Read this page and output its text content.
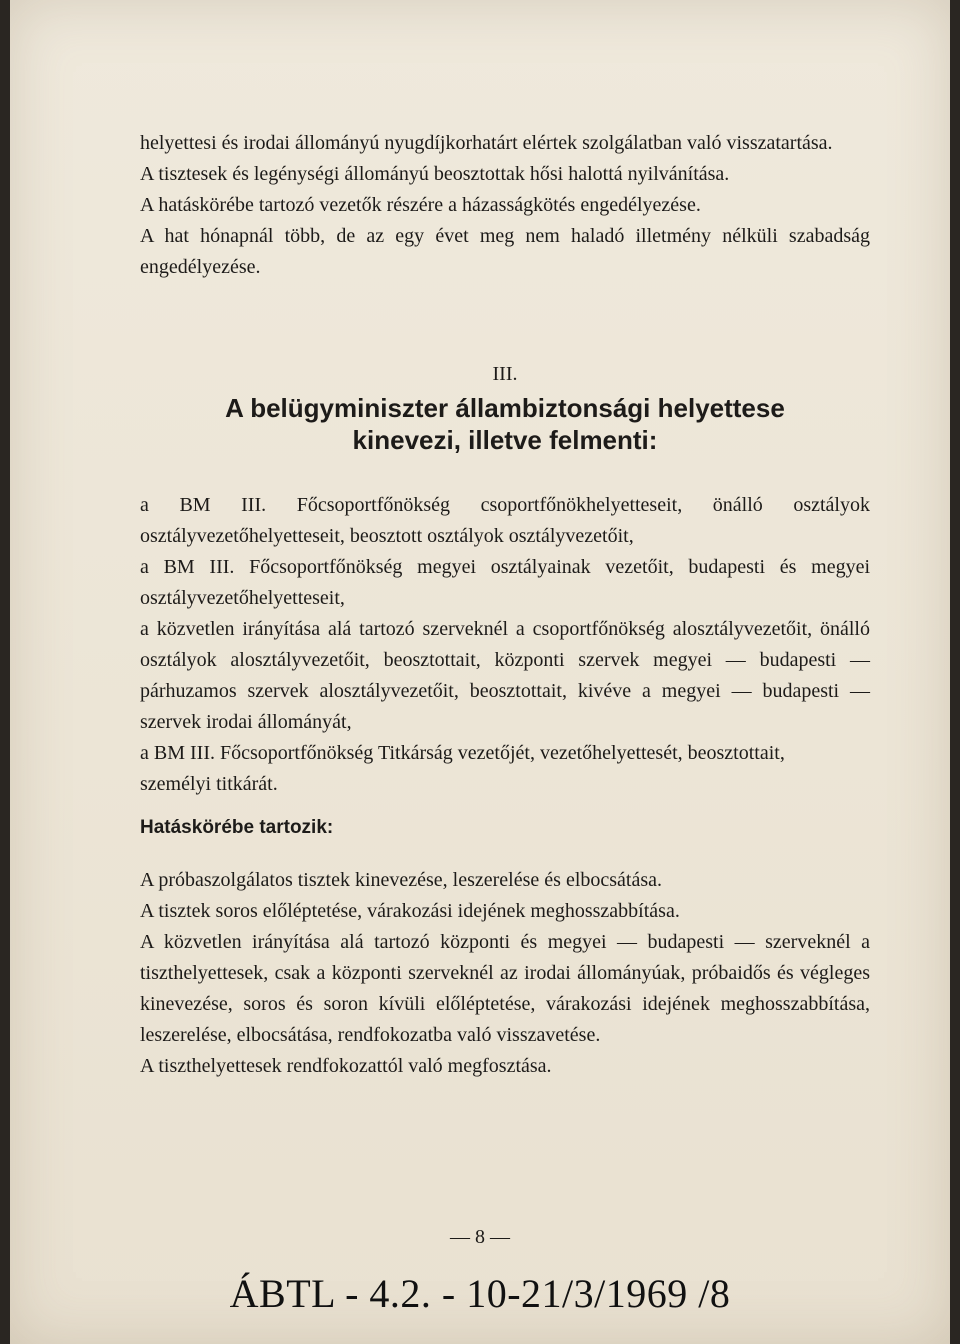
helyettesi és irodai állományú nyugdíjkorhatárt elértek szolgálatban való visszatartása.

A tisztesek és legénységi állományú beosztottak hősi halottá nyilvánítása.

A hatáskörébe tartozó vezetők részére a házasságkötés engedélyezése.

A hat hónapnál több, de az egy évet meg nem haladó illetmény nélküli szabadság engedélyezése.

III.
A belügyminiszter állambiztonsági helyettese
kinevezi, illetve felmenti:

a BM III. Főcsoportfőnökség csoportfőnökhelyetteseit, önálló osztályok osztályvezetőhelyetteseit, beosztott osztályok osztályvezetőit,

a BM III. Főcsoportfőnökség megyei osztályainak vezetőit, budapesti és megyei osztályvezetőhelyetteseit,

a közvetlen irányítása alá tartozó szerveknél a csoportfőnökség alosztályvezetőit, önálló osztályok alosztályvezetőit, beosztottait, központi szervek megyei — budapesti — párhuzamos szervek alosztályvezetőit, beosztottait, kivéve a megyei — budapesti — szervek irodai állományát,

a BM III. Főcsoportfőnökség Titkárság vezetőjét, vezetőhelyettesét, beosztottait,

személyi titkárát.

Hatáskörébe tartozik:

A próbaszolgálatos tisztek kinevezése, leszerelése és elbocsátása.

A tisztek soros előléptetése, várakozási idejének meghosszabbítása.

A közvetlen irányítása alá tartozó központi és megyei — budapesti — szerveknél a tiszthelyettesek, csak a központi szerveknél az irodai állományúak, próbaidős és végleges kinevezése, soros és soron kívüli előléptetése, várakozási idejének meghosszabbítása, leszerelése, elbocsátása, rendfokozatba való visszavetése.

A tiszthelyettesek rendfokozattól való megfosztása.

— 8 —
ÁBTL - 4.2. - 10-21/3/1969 /8
